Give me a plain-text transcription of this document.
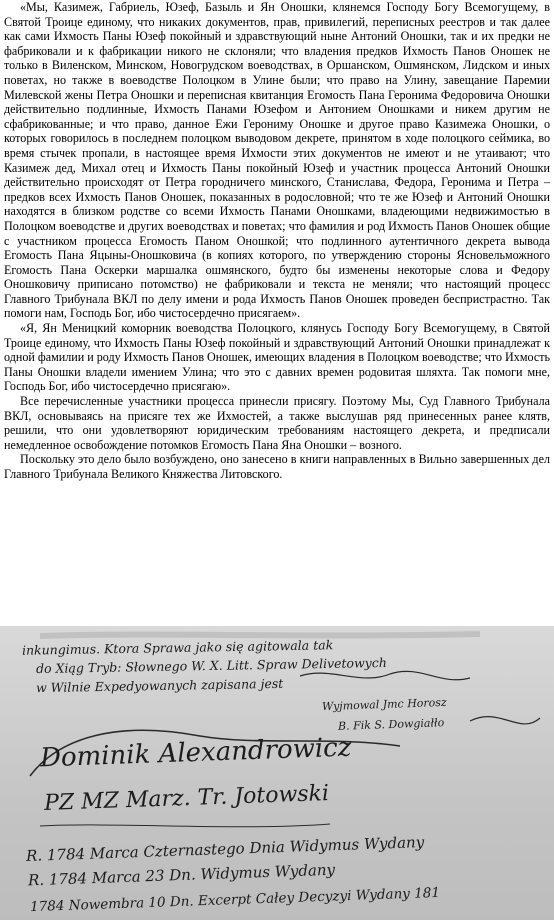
«Мы, Казимеж, Габриель, Юзеф, Базыль и Ян Оношки, клянемся Господу Богу Всемогущему, в Святой Троице единому, что никаких документов, прав, привилегий, переписных реестров и так далее как сами Ихмость Паны Юзеф покойный и здравствующий ныне Антоний Оношки, так и их предки не фабриковали и к фабрикации никого не склоняли; что владения предков Ихмость Панов Оношек не только в Виленском, Минском, Новогрудском воеводствах, в Оршанском, Ошмянском, Лидском и иных поветах, но также в воеводстве Полоцком в Улине были; что право на Улину, завещание Паремии Милевской жены Петра Оношки и переписная квитанция Егомость Пана Геронима Федоровича Оношки действительно подлинные, Ихмость Панами Юзефом и Антонием Оношками и никем другим не сфабрикованные; и что право, данное Ежи Герониму Оношке и другое право Казимежа Оношки, о которых говорилось в последнем полоцком выводовом декрете, принятом в ходе полоцкого сеймика, во время стычек пропали, в настоящее время Ихмости этих документов не имеют и не утаивают; что Казимеж дед, Михал отец и Ихмость Паны покойный Юзеф и участник процесса Антоний Оношки действительно происходят от Петра городничего минского, Станислава, Федора, Геронима и Петра – предков всех Ихмость Панов Оношек, показанных в родословной; что те же Юзеф и Антоний Оношки находятся в близком родстве со всеми Ихмость Панами Оношками, владеющими недвижимостью в Полоцком воеводстве и других воеводствах и поветах; что фамилия и род Ихмость Панов Оношек общие с участником процесса Егомость Паном Оношкой; что подлинного аутентичного декрета вывода Егомость Пана Яцыны-Оношковича (в копиях которого, по утверждению стороны Ясновельможного Егомость Пана Оскерки маршалка ошмянского, будто бы изменены некоторые слова и Федору Оношковичу приписано потомство) не фабриковали и текста не меняли; что настоящий процесс Главного Трибунала ВКЛ по делу имени и рода Ихмость Панов Оношек проведен беспристрастно. Так помоги нам, Господь Бог, ибо чистосердечно присягаем».

«Я, Ян Меницкий коморник воеводства Полоцкого, клянусь Господу Богу Всемогущему, в Святой Троице единому, что Ихмость Паны Юзеф покойный и здравствующий Антоний Оношки принадлежат к одной фамилии и роду Ихмость Панов Оношек, имеющих владения в Полоцком воеводстве; что Ихмость Паны Оношки владели имением Улина; что это с давних времен родовитая шляхта. Так помоги мне, Господь Бог, ибо чистосердечно присягаю».

Все перечисленные участники процесса принесли присягу. Поэтому Мы, Суд Главного Трибунала ВКЛ, основываясь на присяге тех же Ихмостей, а также выслушав ряд принесенных ранее клятв, решили, что они удовлетворяют юридическим требованиям настоящего декрета, и предписали немедленное освобождение потомков Егомость Пана Яна Оношки – возного.

Поскольку это дело было возбуждено, оно занесено в книги направленных в Вильно завершенных дел Главного Трибунала Великого Княжества Литовского.

inkungimus. Ktora Sprawa jako się agitowala tak
do Xiąg Tryb: Słownego W. X. Litt. Spraw Delivetowych
w Wilnie Expedyowanych zapisana jest
Wyjmowal Jmc Horosz
B. Fik S. Dowgiałło
Dominik Alexandrowicz
PZ MZ Marz. Tr. Jotowski
R. 1784 Marca Czternastego Dnia Widymus Wydany
R. 1784 Marca 23 Dn. Widymus Wydany
1784 Nowembra 10 Dn. Excerpt Całey Decyzyi Wydany 181
